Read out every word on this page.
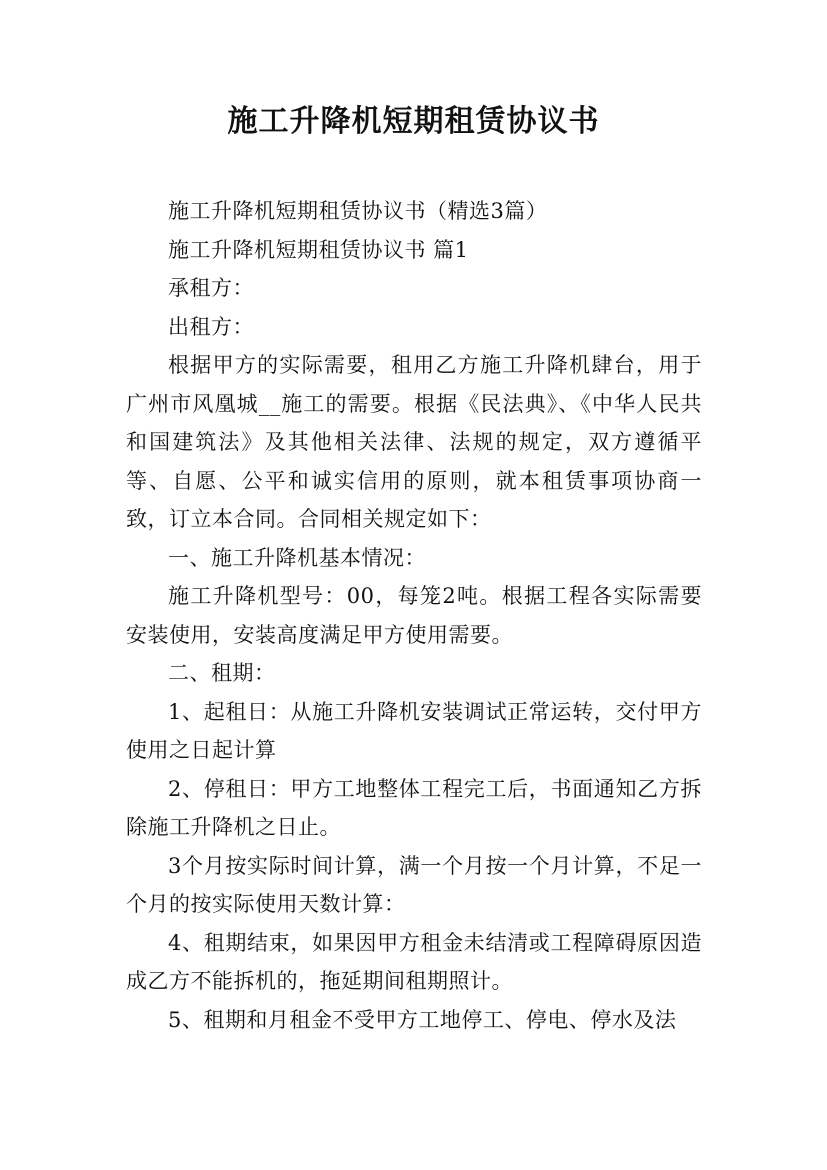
施工升降机短期租赁协议书

施工升降机短期租赁协议书（精选3篇）

施工升降机短期租赁协议书 篇1

承租方：

出租方：

根据甲方的实际需要，租用乙方施工升降机肆台，用于广州市风凰城__施工的需要。根据《民法典》、《中华人民共和国建筑法》及其他相关法律、法规的规定，双方遵循平等、自愿、公平和诚实信用的原则，就本租赁事项协商一致，订立本合同。合同相关规定如下：

一、施工升降机基本情况：

施工升降机型号：00，每笼2吨。根据工程各实际需要安装使用，安装高度满足甲方使用需要。

二、租期：

1、起租日：从施工升降机安装调试正常运转，交付甲方使用之日起计算

2、停租日：甲方工地整体工程完工后，书面通知乙方拆除施工升降机之日止。

3个月按实际时间计算，满一个月按一个月计算，不足一个月的按实际使用天数计算：

4、租期结束，如果因甲方租金未结清或工程障碍原因造成乙方不能拆机的，拖延期间租期照计。

5、租期和月租金不受甲方工地停工、停电、停水及法
